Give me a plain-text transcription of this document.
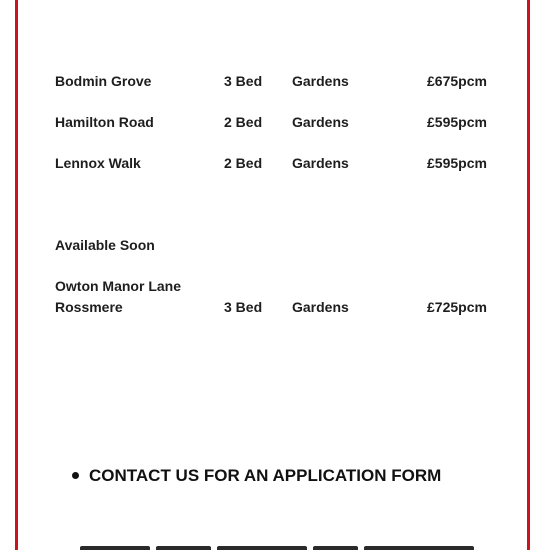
Bodmin Grove	3 Bed Gardens	£675pcm
Hamilton Road	2 Bed Gardens	£595pcm
Lennox Walk	2 Bed Gardens	£595pcm
Available Soon
Owton Manor Lane
Rossmere	3 Bed Gardens	£725pcm
CONTACT US FOR AN APPLICATION FORM
